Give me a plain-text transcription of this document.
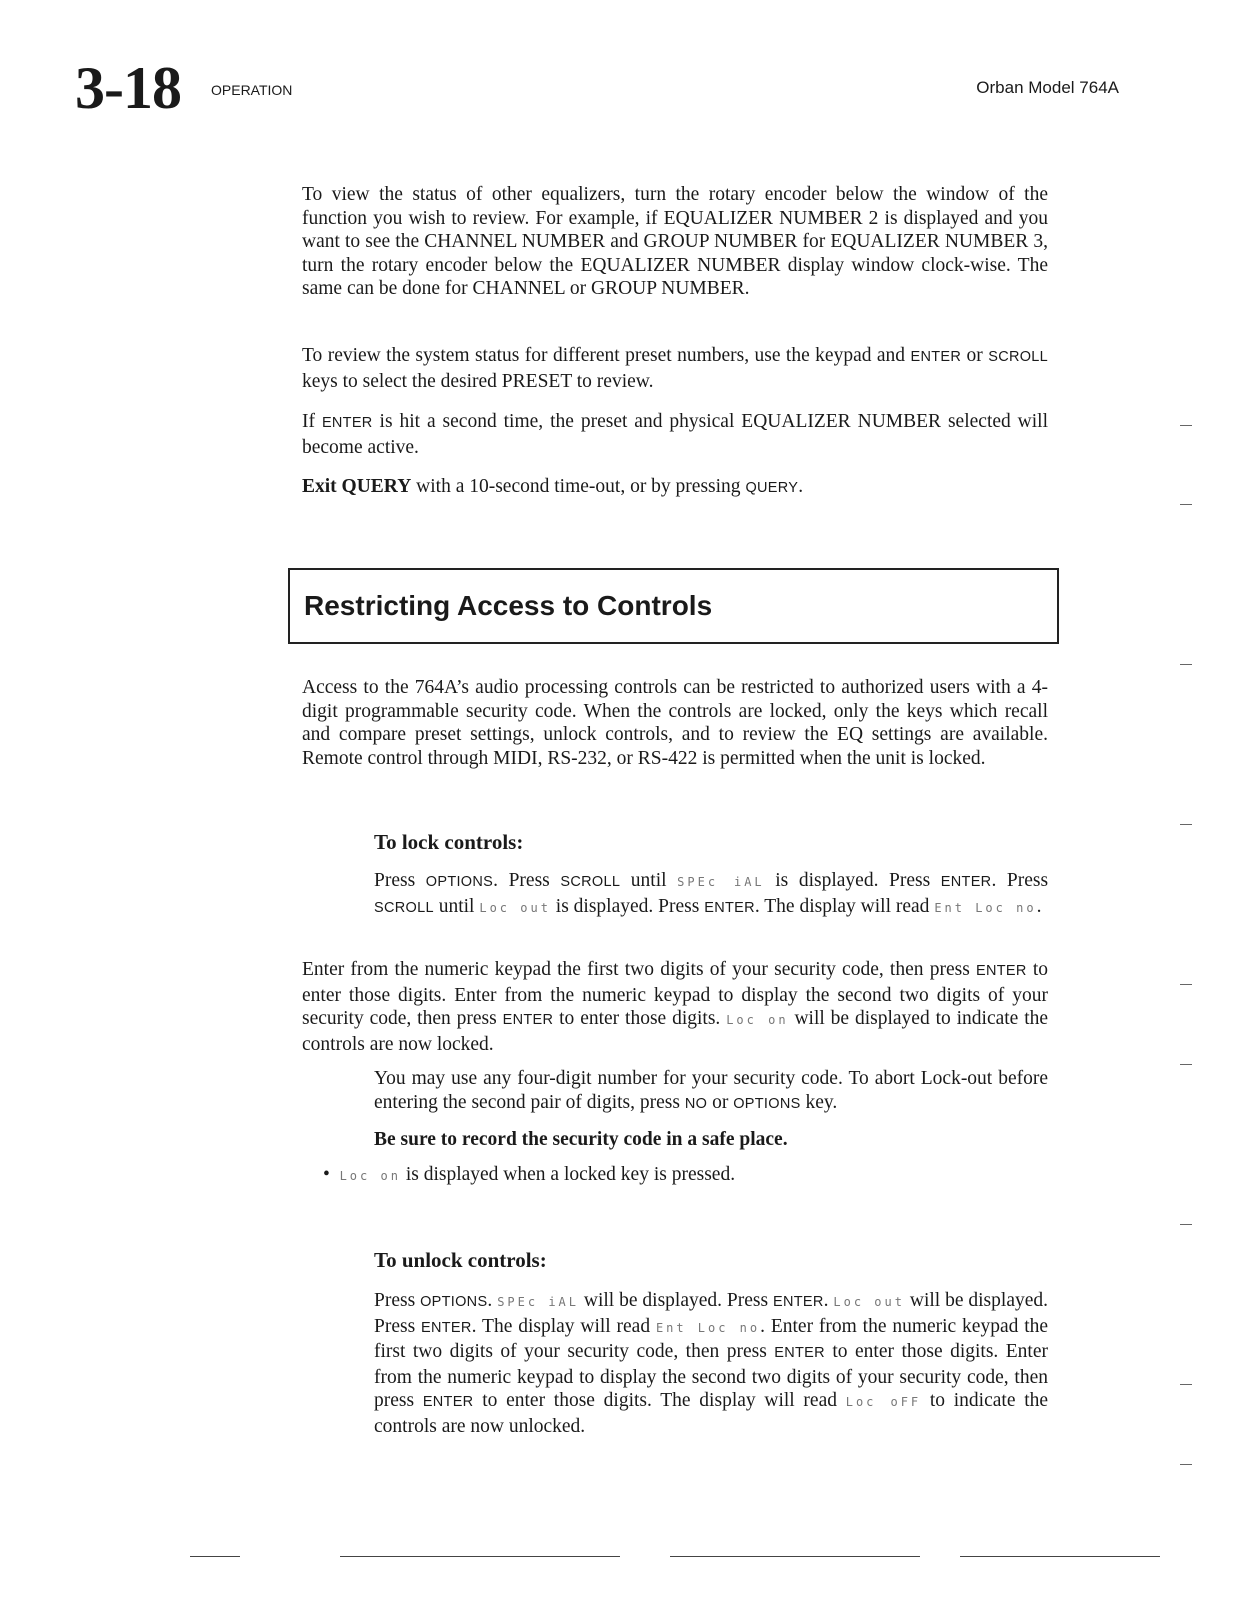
3-18 OPERATION	Orban Model 764A

To view the status of other equalizers, turn the rotary encoder below the window of the function you wish to review. For example, if EQUALIZER NUMBER 2 is displayed and you want to see the CHANNEL NUMBER and GROUP NUMBER for EQUALIZER NUMBER 3, turn the rotary encoder below the EQUALIZER NUMBER display window clock-wise. The same can be done for CHANNEL or GROUP NUMBER.

To review the system status for different preset numbers, use the keypad and ENTER or SCROLL keys to select the desired PRESET to review.

If ENTER is hit a second time, the preset and physical EQUALIZER NUMBER selected will become active.

Exit QUERY with a 10-second time-out, or by pressing QUERY.

Restricting Access to Controls

Access to the 764A’s audio processing controls can be restricted to authorized users with a 4-digit programmable security code. When the controls are locked, only the keys which recall and compare preset settings, unlock controls, and to review the EQ settings are available. Remote control through MIDI, RS-232, or RS-422 is permitted when the unit is locked.

To lock controls:

Press OPTIONS. Press SCROLL until SPEc iAL is displayed. Press ENTER. Press SCROLL until Loc out is displayed. Press ENTER. The display will read Ent Loc no.

Enter from the numeric keypad the first two digits of your security code, then press ENTER to enter those digits. Enter from the numeric keypad to display the second two digits of your security code, then press ENTER to enter those digits. Loc on will be displayed to indicate the controls are now locked.

You may use any four-digit number for your security code. To abort Lock-out before entering the second pair of digits, press NO or OPTIONS key.

Be sure to record the security code in a safe place.

• Loc on is displayed when a locked key is pressed.
To unlock controls:

Press OPTIONS. SPEc iAL will be displayed. Press ENTER. Loc out will be displayed. Press ENTER. The display will read Ent Loc no. Enter from the numeric keypad the first two digits of your security code, then press ENTER to enter those digits. Enter from the numeric keypad to display the second two digits of your security code, then press ENTER to enter those digits. The display will read Loc oFF to indicate the controls are now unlocked.
